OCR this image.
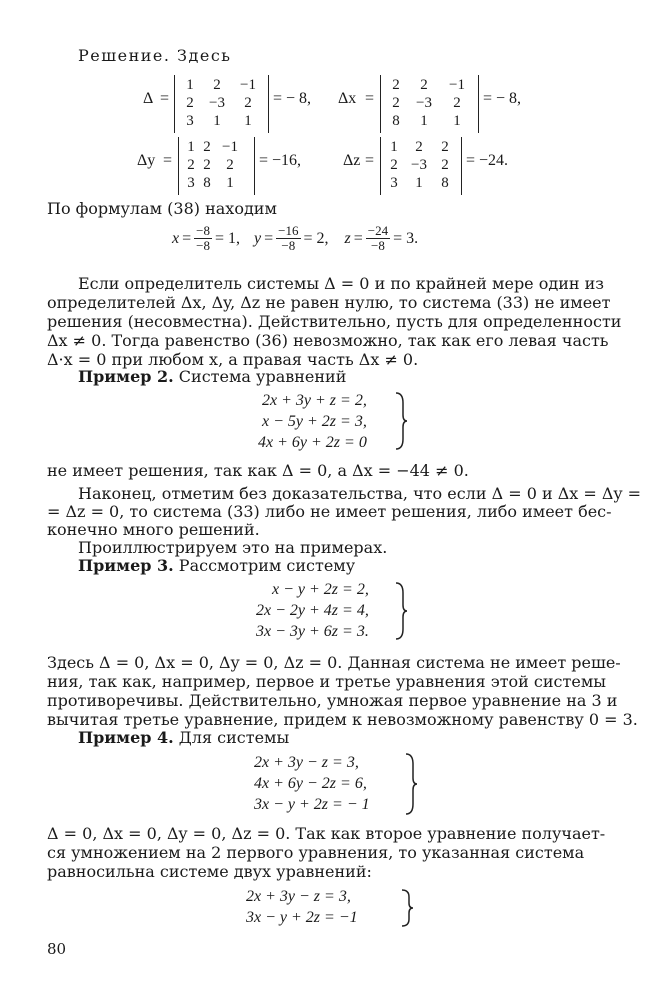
Решение. Здесь
Δ =
1	2	−1
2	−3	2
3	1	1
= − 8, Δx =
2	2	−1
2	−3	2
8	1	1
= − 8,
Δy =
1 2 −1
2 2	2
3 8	1
= −16,	Δz =
1	2	2
2 −3 2
3	1	8
= −24.
По формулам (38) находим
$x = \frac{-8}{-8} = 1$, $y = \frac{-16}{-8} = 2$, $z = \frac{-24}{-8} = 3$.
Если определитель системы Δ = 0 и по крайней мере один из
определителей Δx, Δy, Δz не равен нулю, то система (33) не имеет
решения (несовместна). Действительно, пусть для определенности
Δx ≠ 0. Тогда равенство (36) невозможно, так как его левая часть
Δ·x = 0 при любом x, а правая часть Δx ≠ 0.
Пример 2. Система уравнений
2x + 3y + z = 2,
x − 5y + 2z = 3,
4x + 6y + 2z = 0
не имеет решения, так как Δ = 0, а Δx = −44 ≠ 0.
Наконец, отметим без доказательства, что если Δ = 0 и Δx = Δy =
= Δz = 0, то система (33) либо не имеет решения, либо имеет бес-
конечно много решений.
Проиллюстрируем это на примерах.
Пример 3. Рассмотрим систему
x − y + 2z = 2,
2x − 2y + 4z = 4,
3x − 3y + 6z = 3.
Здесь Δ = 0, Δx = 0, Δy = 0, Δz = 0. Данная система не имеет реше-
ния, так как, например, первое и третье уравнения этой системы
противоречивы. Действительно, умножая первое уравнение на 3 и
вычитая третье уравнение, придем к невозможному равенству 0 = 3.
Пример 4. Для системы
2x + 3y − z = 3,
4x + 6y − 2z = 6,
3x − y + 2z = − 1
Δ = 0, Δx = 0, Δy = 0, Δz = 0. Так как второе уравнение получает-
ся умножением на 2 первого уравнения, то указанная система
равносильна системе двух уравнений:
2x + 3y − z = 3,
3x − y + 2z = −1
80
